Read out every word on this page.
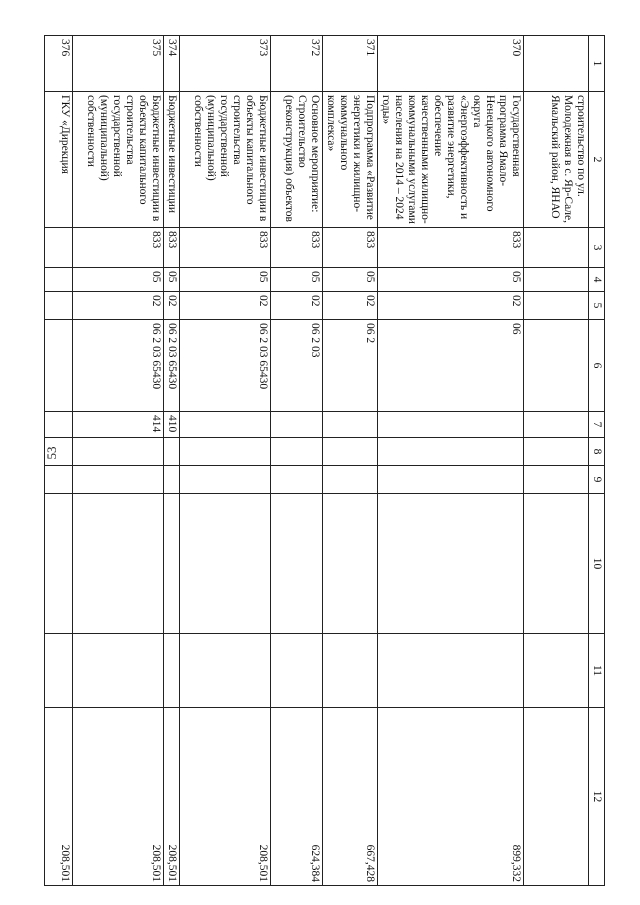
53
1	2	3	4	5	6	7	8	9	10	11	12
	строительство по ул. Молодежная в с. Яр-Сале, Ямальский район, ЯНАО										
370	Государственная программа Ямало-Ненецкого автономного округа «Энергоэффективность и развитие энергетики, обеспечение качественными жилищно-коммунальными услугами населения на 2014 – 2024 годы»	833	05	02	06						899,332
371	Подпрограмма «Развитие энергетики и жилищно-коммунального комплекса»	833	05	02	06 2						667,428
372	Основное мероприятие: Строительство (реконструкция) объектов	833	05	02	06 2 03						624,384
373	Бюджетные инвестиции в объекты капитального строительства государственной (муниципальной) собственности	833	05	02	06 2 03 65430						208,501
374	Бюджетные инвестиции	833	05	02	06 2 03 65430	410					208,501
375	Бюджетные инвестиции в объекты капитального строительства государственной (муниципальной) собственности	833	05	02	06 2 03 65430	414					208,501
376	ГКУ «Дирекция										208,501
